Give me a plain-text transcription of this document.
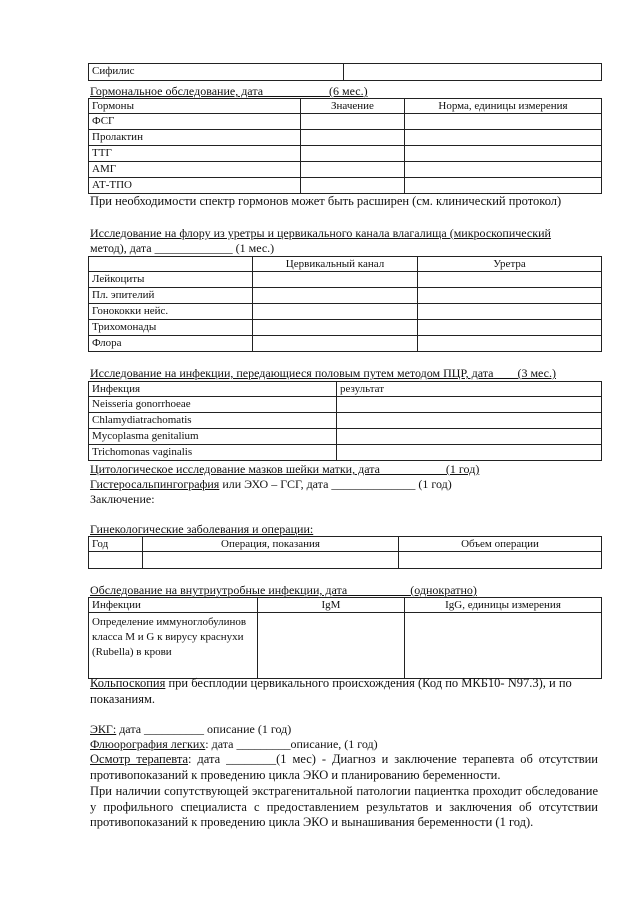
Сифилис	
Гормональное обследование, дата __________ (6 мес.)
Гормоны	Значение	Норма, единицы измерения
ФСГ		
Пролактин		
ТТГ		
АМГ		
АТ-ТПО		
При необходимости спектр гормонов может быть расширен (см. клинический протокол)
Исследование на флору из уретры и цервикального канала влагалища (микроскопический
метод), дата _____________ (1 мес.)
	Цервикальный канал	Уретра
Лейкоциты		
Пл. эпителий		
Гонококки нейс.		
Трихомонады		
Флора		
Исследование на инфекции, передающиеся половым путем методом ПЦР, дата ___ (3 мес.)
Инфекция	результат
Neisseria gonorrhoeae	
Chlamydiatrachomatis	
Mycoplasma genitalium	
Trichomonas vaginalis	
Цитологическое исследование мазков шейки матки, дата __________ (1 год)
Гистеросальпингография или ЭХО – ГСГ, дата ______________ (1 год)
Заключение:
Гинекологические заболевания и операции:
Год	Операция, показания	Объем операции

Обследование на внутриутробные инфекции, дата__________ (однократно)
Инфекции	IgM	IgG, единицы измерения
Определение иммуноглобулинов класса M и G к вирусу краснухи (Rubella) в крови		
Кольпоскопия при бесплодии цервикального происхождения (Код по МКБ10- N97.3), и по показаниям.
ЭКГ: дата __________ описание (1 год)
Флюорография легких: дата _________описание, (1 год)
Осмотр терапевта: дата ________(1 мес) - Диагноз и заключение терапевта об отсутствии противопоказаний к проведению цикла ЭКО и планированию беременности.
При наличии сопутствующей экстрагенитальной патологии пациентка проходит обследование у профильного специалиста с предоставлением результатов и заключения об отсутствии противопоказаний к проведению цикла ЭКО и вынашивания беременности (1 год).
